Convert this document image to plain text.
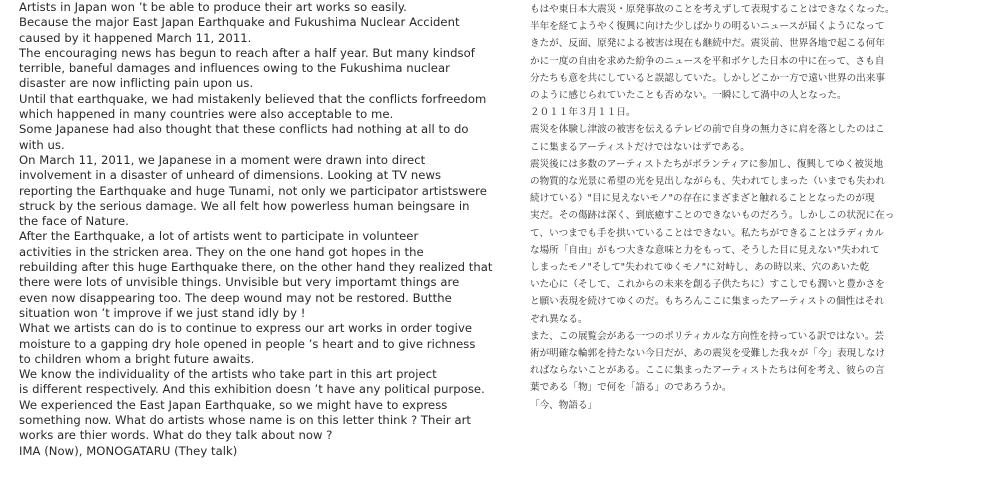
Artists in Japan won ’t be able to produce their art works so easily.
Because the major East Japan Earthquake and Fukushima Nuclear Accident
caused by it happened March 11, 2011.
The encouraging news has begun to reach after a half year. But many kindsof
terrible, baneful damages and influences owing to the Fukushima nuclear
disaster are now inflicting pain upon us.
Until that earthquake, we had mistakenly believed that the conflicts forfreedom
which happened in many countries were also acceptable to me.
Some Japanese had also thought that these conflicts had nothing at all to do
with us.
On March 11, 2011, we Japanese in a moment were drawn into direct
involvement in a disaster of unheard of dimensions. Looking at TV news
reporting the Earthquake and huge Tunami, not only we participator artistswere
struck by the serious damage. We all felt how powerless human beingsare in
the face of Nature.
After the Earthquake, a lot of artists went to participate in volunteer
activities in the stricken area. They on the one hand got hopes in the
rebuilding after this huge Earthquake there, on the other hand they realized that
there were lots of unvisible things. Unvisible but very importamt things are
even now disappearing too. The deep wound may not be restored. Butthe
situation won ’t improve if we just stand idly by !
What we artists can do is to continue to express our art works in order togive
moisture to a gapping dry hole opened in people ’s heart and to give richness
to children whom a bright future awaits.
We know the individuality of the artists who take part in this art project
is different respectively. And this exhibition doesn ’t have any political purpose.
We experienced the East Japan Earthquake, so we might have to express
something now. What do artists whose name is on this letter think ? Their art
works are thier words. What do they talk about now ?
IMA (Now), MONOGATARU (They talk)
もはや東日本大震災・原発事故のことを考えずして表現することはできなくなった。
半年を経てようやく復興に向けた少しばかりの明るいニュースが届くようになって
きたが、反面、原発による被害は現在も継続中だ。震災前、世界各地で起こる何年
かに一度の自由を求めた紛争のニュースを平和ボケした日本の中に在って、さも自
分たちも意を共にしていると誤認していた。しかしどこか一方で遠い世界の出来事
のように感じられていたことも否めない。一瞬にして渦中の人となった。
２０１１年３月１１日。
震災を体験し津波の被害を伝えるテレビの前で自身の無力さに肩を落としたのはこ
こに集まるアーティストだけではないはずである。
震災後には多数のアーティストたちがボランティアに参加し、復興してゆく被災地
の物質的な光景に希望の光を見出しながらも、失われてしまった（いまでも失われ
続けている）"目に見えないモノ"の存在にまざまざと触れることとなったのが現
実だ。その傷跡は深く、到底癒すことのできないものだろう。しかしこの状況に在っ
て、いつまでも手を拱いていることはできない。私たちができることはラディカル
な場所「自由」がもつ大きな意味と力をもって、そうした目に見えない"失われて
しまったモノ"そして"失われてゆくモノ"に対峙し、あの時以来、穴のあいた乾
いた心に（そして、これからの未来を創る子供たちに）すこしでも潤いと豊かさを
と願い表現を続けてゆくのだ。もちろんここに集まったアーティストの個性はそれ
ぞれ異なる。
また、この展覧会がある一つのポリティカルな方向性を持っている訳ではない。芸
術が明確な輪郭を持たない今日だが、あの震災を受難した我々が「今」表現しなけ
ればならないことがある。ここに集まったアーティストたちは何を考え、彼らの言
葉である「物」で何を「語る」のであろうか。
「今、物語る」
